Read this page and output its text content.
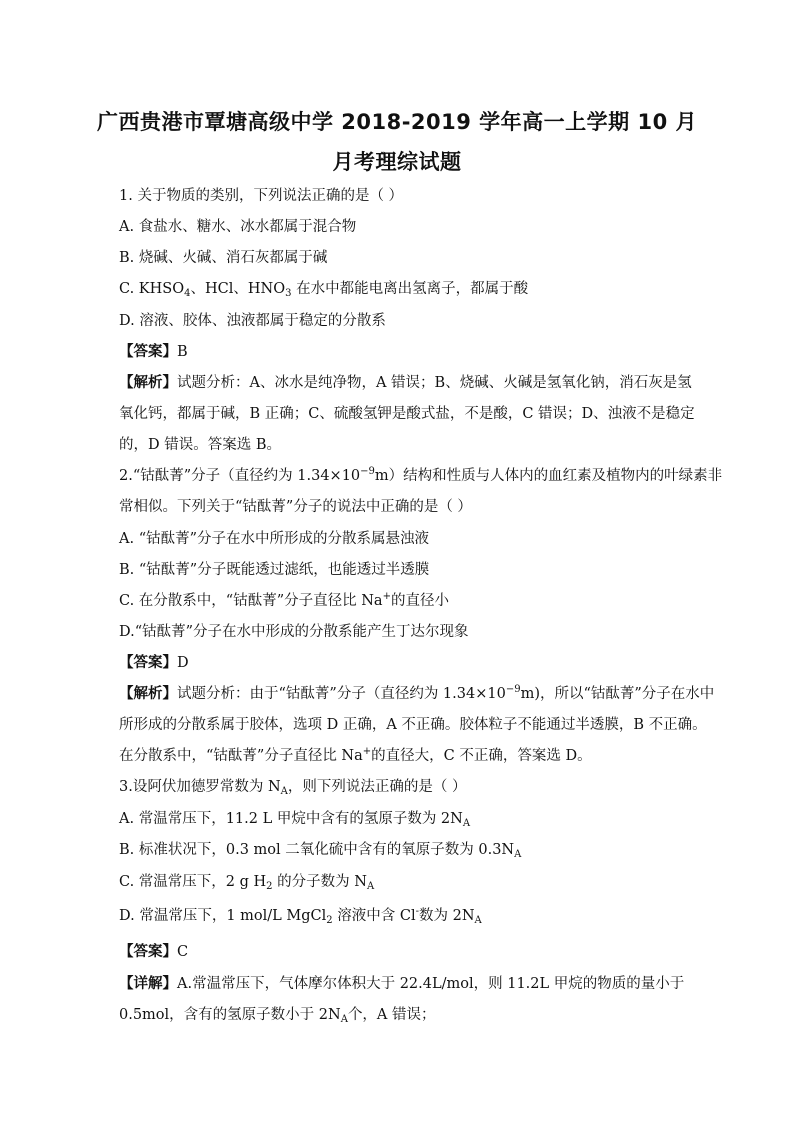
广西贵港市覃塘高级中学 2018-2019 学年高一上学期 10 月
月考理综试题
1. 关于物质的类别，下列说法正确的是（ ）
A. 食盐水、糖水、冰水都属于混合物
B. 烧碱、火碱、消石灰都属于碱
C. $KHSO_4$、HCl、$HNO_3$ 在水中都能电离出氢离子，都属于酸
D. 溶液、胶体、浊液都属于稳定的分散系
【答案】B
【解析】试题分析：A、冰水是纯净物，A 错误；B、烧碱、火碱是氢氧化钠，消石灰是氢
氧化钙，都属于碱，B 正确；C、硫酸氢钾是酸式盐，不是酸，C 错误；D、浊液不是稳定
的，D 错误。答案选 B。
2.“钴酞菁”分子（直径约为 $1.34\times 10^{-9}m$）结构和性质与人体内的血红素及植物内的叶绿素非
常相似。下列关于“钴酞菁”分子的说法中正确的是（ ）
A. “钴酞菁”分子在水中所形成的分散系属悬浊液
B. “钴酞菁”分子既能透过滤纸，也能透过半透膜
C. 在分散系中，“钴酞菁”分子直径比 Na+的直径小
D.“钴酞菁”分子在水中形成的分散系能产生丁达尔现象
【答案】D
【解析】试题分析：由于“钴酞菁”分子（直径约为 $1.34\times 10^{-9}m$)，所以“钴酞菁”分子在水中
所形成的分散系属于胶体，选项 D 正确，A 不正确。胶体粒子不能通过半透膜，B 不正确。
在分散系中，“钴酞菁”分子直径比 Na+的直径大，C 不正确，答案选 D。
3.设阿伏加德罗常数为 $N_A$，则下列说法正确的是（ ）
A. 常温常压下，11.2 L 甲烷中含有的氢原子数为 $2N_A$
B. 标准状况下，0.3 mol 二氧化硫中含有的氧原子数为 $0.3N_A$
C. 常温常压下，2 g $H_2$ 的分子数为 $N_A$
D. 常温常压下，1 mol/L MgCl$_2$ 溶液中含 Cl-数为 $2N_A$
【答案】C
【详解】A.常温常压下，气体摩尔体积大于 22.4L/mol，则 11.2L 甲烷的物质的量小于
0.5mol，含有的氢原子数小于 $2N_A$个，A 错误；
